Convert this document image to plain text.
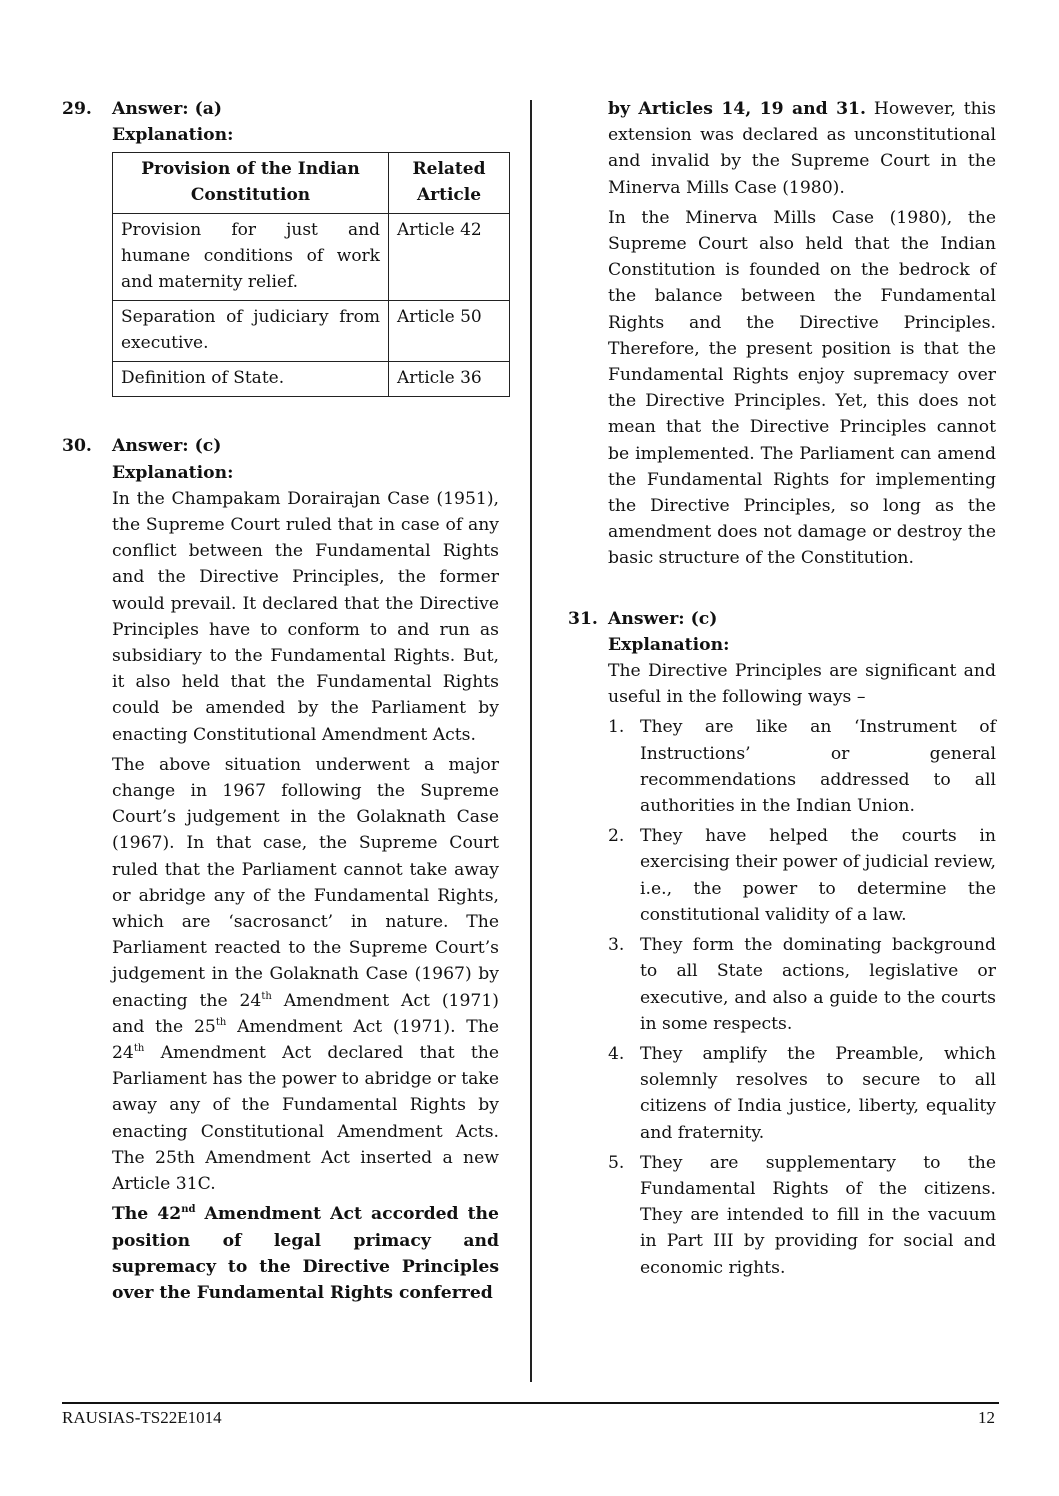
29. Answer: (a)
Explanation:
Provision of the Indian Constitution	Related Article
Provision for just and humane conditions of work and maternity relief.	Article 42
Separation of judiciary from executive.	Article 50
Definition of State.	Article 36
30. Answer: (c)
Explanation:

In the Champakam Dorairajan Case (1951), the Supreme Court ruled that in case of any conflict between the Fundamental Rights and the Directive Principles, the former would prevail. It declared that the Directive Principles have to conform to and run as subsidiary to the Fundamental Rights. But, it also held that the Fundamental Rights could be amended by the Parliament by enacting Constitutional Amendment Acts.

The above situation underwent a major change in 1967 following the Supreme Court’s judgement in the Golaknath Case (1967). In that case, the Supreme Court ruled that the Parliament cannot take away or abridge any of the Fundamental Rights, which are ‘sacrosanct’ in nature. The Parliament reacted to the Supreme Court’s judgement in the Golaknath Case (1967) by enacting the 24th Amendment Act (1971) and the 25th Amendment Act (1971). The 24th Amendment Act declared that the Parliament has the power to abridge or take away any of the Fundamental Rights by enacting Constitutional Amendment Acts. The 25th Amendment Act inserted a new Article 31C.

The 42nd Amendment Act accorded the position of legal primacy and supremacy to the Directive Principles over the Fundamental Rights conferred

by Articles 14, 19 and 31. However, this extension was declared as unconstitutional and invalid by the Supreme Court in the Minerva Mills Case (1980).

In the Minerva Mills Case (1980), the Supreme Court also held that the Indian Constitution is founded on the bedrock of the balance between the Fundamental Rights and the Directive Principles. Therefore, the present position is that the Fundamental Rights enjoy supremacy over the Directive Principles. Yet, this does not mean that the Directive Principles cannot be implemented. The Parliament can amend the Fundamental Rights for implementing the Directive Principles, so long as the amendment does not damage or destroy the basic structure of the Constitution.

31. Answer: (c)
Explanation:

The Directive Principles are significant and useful in the following ways –

1. They are like an ‘Instrument of Instructions’ or general recommendations addressed to all authorities in the Indian Union.
2. They have helped the courts in exercising their power of judicial review, i.e., the power to determine the constitutional validity of a law.
3. They form the dominating background to all State actions, legislative or executive, and also a guide to the courts in some respects.
4. They amplify the Preamble, which solemnly resolves to secure to all citizens of India justice, liberty, equality and fraternity.
5. They are supplementary to the Fundamental Rights of the citizens. They are intended to fill in the vacuum in Part III by providing for social and economic rights.
RAUSIAS-TS22E1014	12
